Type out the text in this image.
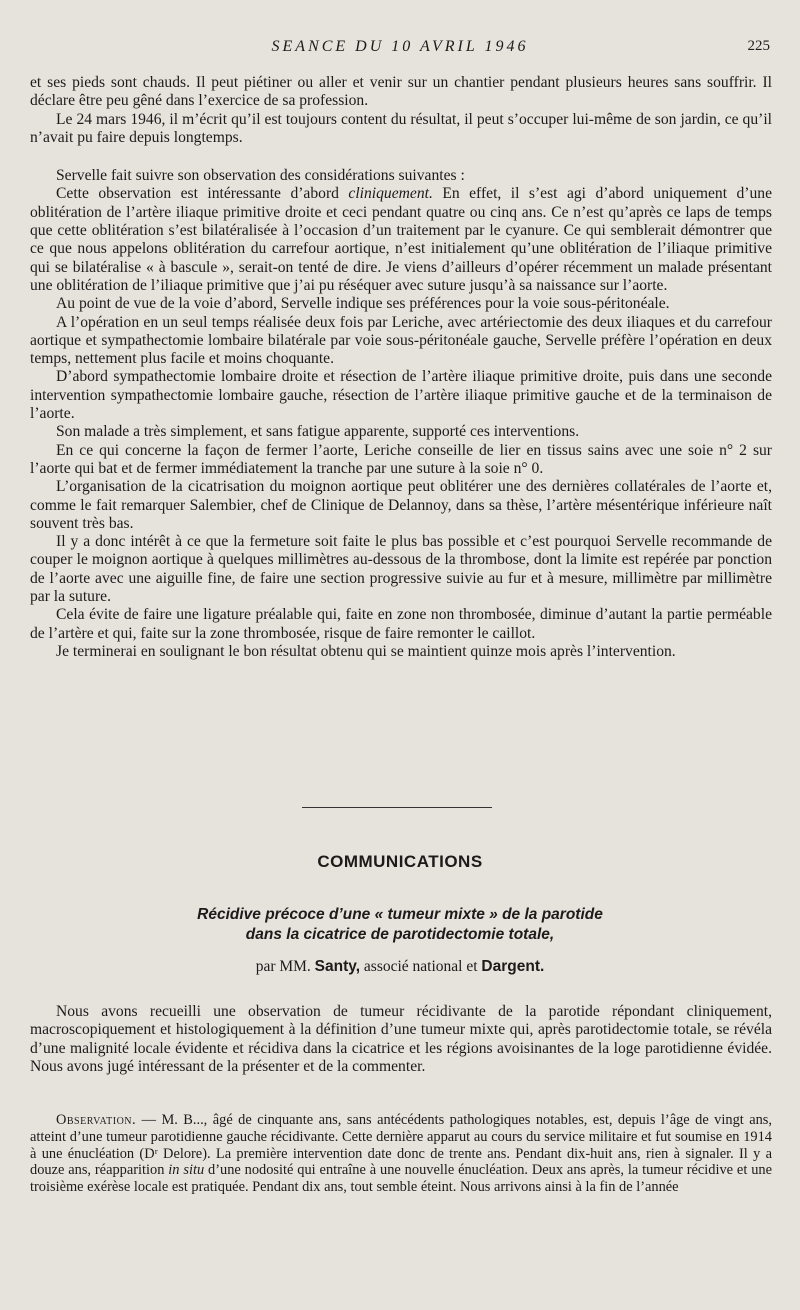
SEANCE DU 10 AVRIL 1946	225

et ses pieds sont chauds. Il peut piétiner ou aller et venir sur un chantier pendant plusieurs heures sans souffrir. Il déclare être peu gêné dans l’exercice de sa profession.

Le 24 mars 1946, il m’écrit qu’il est toujours content du résultat, il peut s’occuper lui-même de son jardin, ce qu’il n’avait pu faire depuis longtemps.

Servelle fait suivre son observation des considérations suivantes :

Cette observation est intéressante d’abord cliniquement. En effet, il s’est agi d’abord uniquement d’une oblitération de l’artère iliaque primitive droite et ceci pendant quatre ou cinq ans. Ce n’est qu’après ce laps de temps que cette oblitération s’est bilatéralisée à l’occasion d’un traitement par le cyanure. Ce qui semblerait démontrer que ce que nous appelons oblitération du carrefour aortique, n’est initialement qu’une oblitération de l’iliaque primitive qui se bilatéralise « à bascule », serait-on tenté de dire. Je viens d’ailleurs d’opérer récemment un malade présentant une oblitération de l’iliaque primitive que j’ai pu réséquer avec suture jusqu’à sa naissance sur l’aorte.

Au point de vue de la voie d’abord, Servelle indique ses préférences pour la voie sous-péritonéale.

A l’opération en un seul temps réalisée deux fois par Leriche, avec artériectomie des deux iliaques et du carrefour aortique et sympathectomie lombaire bilatérale par voie sous-péritonéale gauche, Servelle préfère l’opération en deux temps, nettement plus facile et moins choquante.

D’abord sympathectomie lombaire droite et résection de l’artère iliaque primitive droite, puis dans une seconde intervention sympathectomie lombaire gauche, résection de l’artère iliaque primitive gauche et de la terminaison de l’aorte.

Son malade a très simplement, et sans fatigue apparente, supporté ces interventions.

En ce qui concerne la façon de fermer l’aorte, Leriche conseille de lier en tissus sains avec une soie n° 2 sur l’aorte qui bat et de fermer immédiatement la tranche par une suture à la soie n° 0.

L’organisation de la cicatrisation du moignon aortique peut oblitérer une des dernières collatérales de l’aorte et, comme le fait remarquer Salembier, chef de Clinique de Delannoy, dans sa thèse, l’artère mésentérique inférieure naît souvent très bas.

Il y a donc intérêt à ce que la fermeture soit faite le plus bas possible et c’est pourquoi Servelle recommande de couper le moignon aortique à quelques millimètres au-dessous de la thrombose, dont la limite est repérée par ponction de l’aorte avec une aiguille fine, de faire une section progressive suivie au fur et à mesure, millimètre par millimètre par la suture.

Cela évite de faire une ligature préalable qui, faite en zone non thrombosée, diminue d’autant la partie perméable de l’artère et qui, faite sur la zone thrombosée, risque de faire remonter le caillot.

Je terminerai en soulignant le bon résultat obtenu qui se maintient quinze mois après l’intervention.

COMMUNICATIONS
Récidive précoce d’une « tumeur mixte » de la parotide
dans la cicatrice de parotidectomie totale,
par MM. Santy, associé national et Dargent.

Nous avons recueilli une observation de tumeur récidivante de la parotide répondant cliniquement, macroscopiquement et histologiquement à la définition d’une tumeur mixte qui, après parotidectomie totale, se révéla d’une malignité locale évidente et récidiva dans la cicatrice et les régions avoisinantes de la loge parotidienne évidée. Nous avons jugé intéressant de la présenter et de la commenter.

Observation. — M. B..., âgé de cinquante ans, sans antécédents pathologiques notables, est, depuis l’âge de vingt ans, atteint d’une tumeur parotidienne gauche récidivante. Cette dernière apparut au cours du service militaire et fut soumise en 1914 à une énucléation (Dʳ Delore). La première intervention date donc de trente ans. Pendant dix-huit ans, rien à signaler. Il y a douze ans, réapparition in situ d’une nodosité qui entraîne à une nouvelle énucléation. Deux ans après, la tumeur récidive et une troisième exérèse locale est pratiquée. Pendant dix ans, tout semble éteint. Nous arrivons ainsi à la fin de l’année
